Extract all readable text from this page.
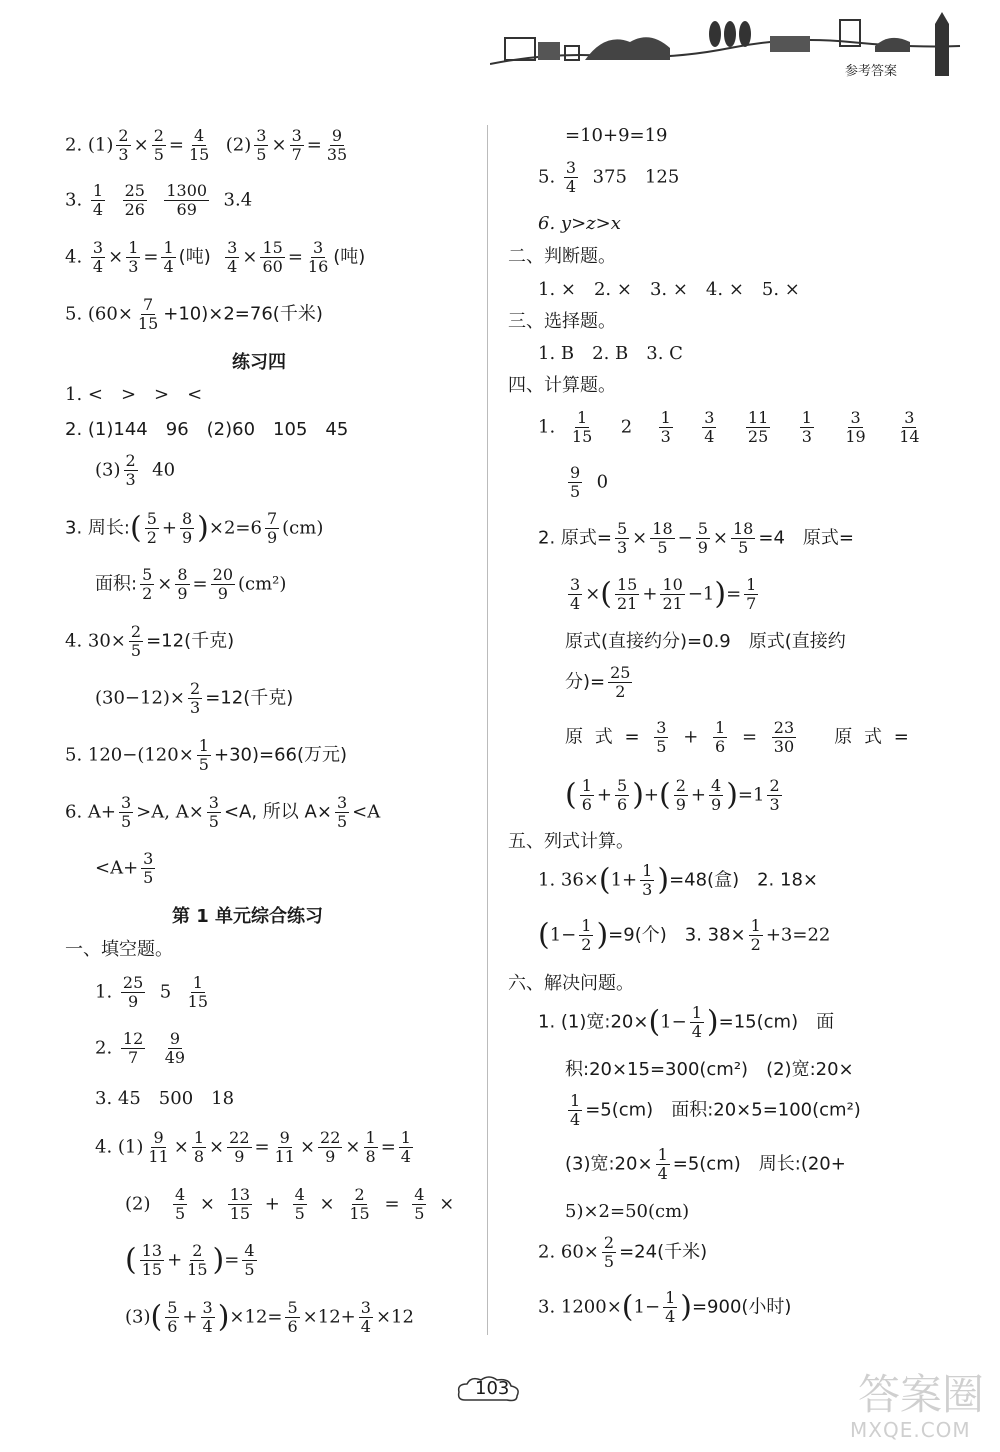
参考答案
2. $(1) \frac{2}{3} \times \frac{2}{5} = \frac{4}{15} (2) \frac{3}{5} \times \frac{3}{7} = \frac{9}{35}$
3. $\frac{1}{4}$
$\frac{25}{26}$
$\frac{1300}{69} 3.4$
4. $\frac{3}{4} \times \frac{1}{3} = \frac{1}{4}$ (吨) $\frac{3}{4} \times \frac{15}{60} = \frac{3}{16}$ (吨)
5. $(60\times \frac{7}{15} +10)\times 2=76$(千米)
练习四
1. <　>　>　<
2. (1)144　96　(2)60　105　45
$(3) \frac{2}{3} 40$
3. 周长:( $\frac{5}{2} + \frac{8}{9} )\times 2=6 \frac{7}{9} (cm)$
面积: $\frac{5}{2} \times \frac{8}{9} = \frac{20}{9} (cm^2)$
4. $30\times \frac{2}{5} =12$(千克)
$(30-12)\times \frac{2}{3} =12$(千克)
5. $120-(120\times \frac{1}{5} +30)=66$(万元)
6. $A+ \frac{3}{5} >A$, $A\times \frac{3}{5} <A$, 所以 $A\times \frac{3}{5} <A$
$<A+ \frac{3}{5}$
第 1 单元综合练习
一、填空题。
1. $\frac{25}{9} 5 \frac{1}{15}$
2. $\frac{12}{7}$
$\frac{9}{49}$
3. 45　500　18
4. $(1) \frac{9}{11} \times \frac{1}{8} \times \frac{22}{9} = \frac{9}{11} \times \frac{22}{9} \times \frac{1}{8} = \frac{1}{4}$
$(2) \frac{4}{5} \times \frac{13}{15} + \frac{4}{5} \times \frac{2}{15} = \frac{4}{5}$ ×
( $\frac{13}{15} + \frac{2}{15}$ )= $\frac{4}{5}$
$(3)( \frac{5}{6} + \frac{3}{4} )\times 12= \frac{5}{6} \times 12+ \frac{3}{4} \times 12$
=10+9=19
5. $\frac{3}{4} 375$　125
6. y>z>x
二、判断题。
1. ×　2. ×　3. ×　4. ×　5. ×
三、选择题。
1. B　2. B　3. C
四、计算题。
1. $\frac{1}{15} 2 \frac{1}{3}$
$\frac{3}{4}$
$\frac{11}{25}$
$\frac{1}{3}$
$\frac{3}{19}$
$\frac{3}{14}$
$\frac{9}{5} 0$
2. 原式= $\frac{5}{3} \times \frac{18}{5} - \frac{5}{9} \times \frac{18}{5} =4$　原式=
$\frac{3}{4}$ ×( $\frac{15}{21} + \frac{10}{21} -1)= \frac{1}{7}$
原式(直接约分)=0.9　原式(直接约
分)= $\frac{25}{2}$
原 式 = $\frac{3}{5} + \frac{1}{6} = \frac{23}{30}$ 原 式 =
( $\frac{1}{6} + \frac{5}{6}$ )+( $\frac{2}{9} + \frac{4}{9} )=1 \frac{2}{3}$
五、列式计算。
1. $36\times(1+ \frac{1}{3} )=48$(盒)　2. 18×
$(1- \frac{1}{2} )=9$(个)　3. $38\times \frac{1}{2} +3=22$
六、解决问题。
1. (1)宽:20×(1− $\frac{1}{4} )=15(cm)$　面
积:20×15=300(cm²)　(2)宽:20×
$\frac{1}{4} =5(cm)$　面积:20×5=100(cm²)
(3)宽:20× $\frac{1}{4} =5(cm)$　周长:(20+
5)×2=50(cm)
2. $60\times \frac{2}{5} =24$(千米)
3. $1200\times(1- \frac{1}{4} )=900$(小时)
103	答案圈
MXQE.COM
